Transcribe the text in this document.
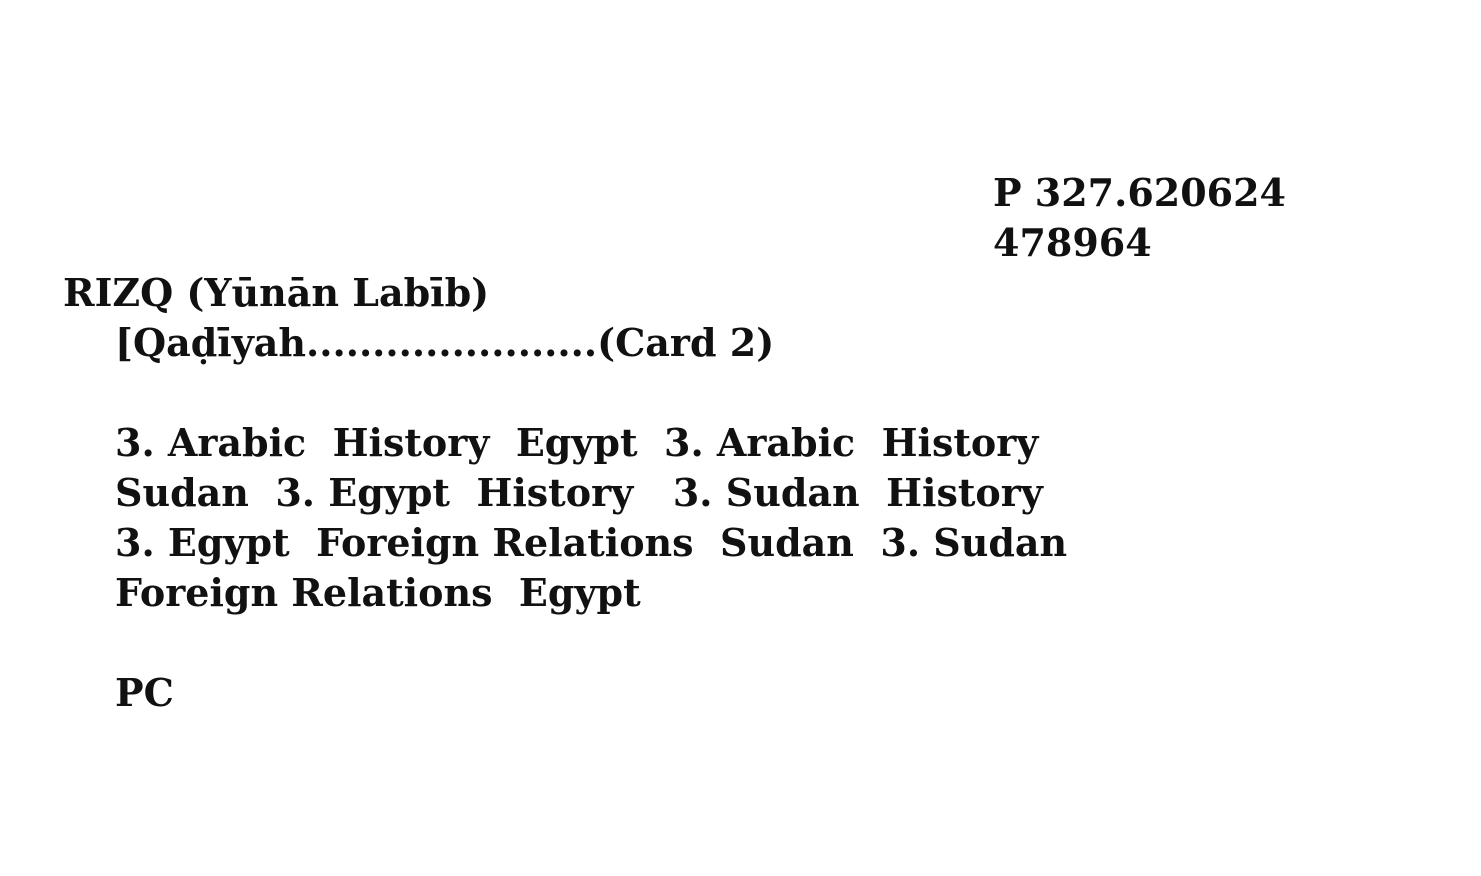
P 327.620624
478964
RIZQ (Yūnān Labīb)
[Qaḍīyah......................(Card 2)
3. Arabic  History  Egypt  3. Arabic  History
Sudan  3. Egypt  History   3. Sudan  History
3. Egypt  Foreign Relations  Sudan  3. Sudan
Foreign Relations  Egypt
PC
